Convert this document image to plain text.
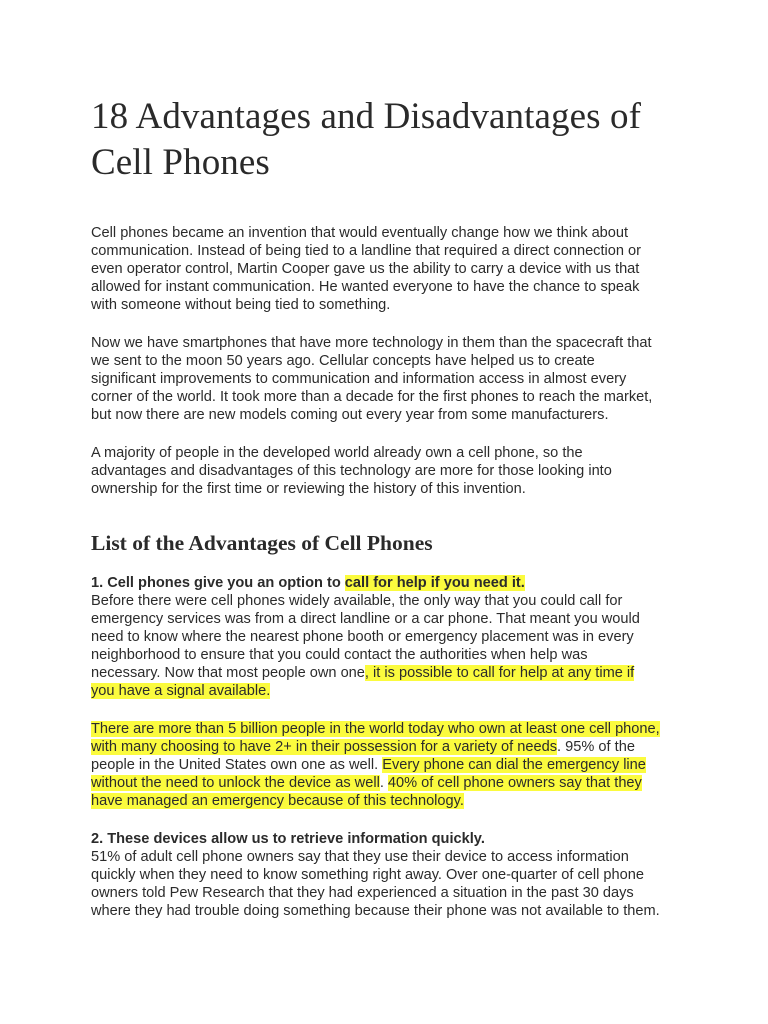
18 Advantages and Disadvantages of
Cell Phones
Cell phones became an invention that would eventually change how we think about
communication. Instead of being tied to a landline that required a direct connection or
even operator control, Martin Cooper gave us the ability to carry a device with us that
allowed for instant communication. He wanted everyone to have the chance to speak
with someone without being tied to something.
Now we have smartphones that have more technology in them than the spacecraft that
we sent to the moon 50 years ago. Cellular concepts have helped us to create
significant improvements to communication and information access in almost every
corner of the world. It took more than a decade for the first phones to reach the market,
but now there are new models coming out every year from some manufacturers.
A majority of people in the developed world already own a cell phone, so the
advantages and disadvantages of this technology are more for those looking into
ownership for the first time or reviewing the history of this invention.
List of the Advantages of Cell Phones
1. Cell phones give you an option to call for help if you need it.
Before there were cell phones widely available, the only way that you could call for
emergency services was from a direct landline or a car phone. That meant you would
need to know where the nearest phone booth or emergency placement was in every
neighborhood to ensure that you could contact the authorities when help was
necessary. Now that most people own one, it is possible to call for help at any time if
you have a signal available.
There are more than 5 billion people in the world today who own at least one cell phone,
with many choosing to have 2+ in their possession for a variety of needs. 95% of the
people in the United States own one as well. Every phone can dial the emergency line
without the need to unlock the device as well. 40% of cell phone owners say that they
have managed an emergency because of this technology.
2. These devices allow us to retrieve information quickly.
51% of adult cell phone owners say that they use their device to access information
quickly when they need to know something right away. Over one-quarter of cell phone
owners told Pew Research that they had experienced a situation in the past 30 days
where they had trouble doing something because their phone was not available to them.
